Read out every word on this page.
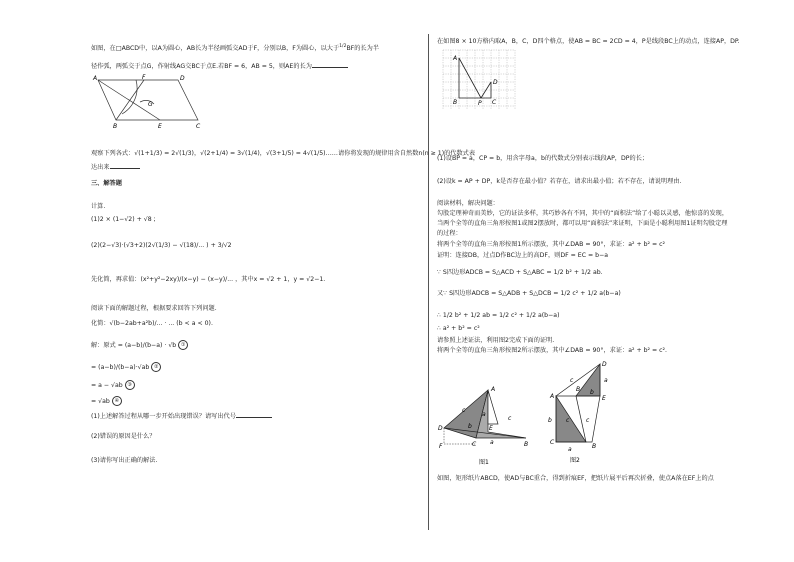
如图，在□ABCD中，以A为圆心，AB长为半径画弧交AD于F，分别以B，F为圆心，以大于$^{1/2}$BF的长为半
径作弧，两弧交于点G，作射线AG交BC于点E.若BF = 6，AB = 5，则AE的长为
A	F	D
G
B	E	C
观察下列各式：√(1+1/3) = 2√(1/3)，√(2+1/4) = 3√(1/4)，√(3+1/5) = 4√(1/5)……请你将发现的规律用含自然数n(n ≥ 1)的代数式表
达出来
三、解答题
计算.
(1)2 × (1−√2) + √8 ;
(2)(2−√3)·(√3+2)(2√(1/3) − √(18)/... ) + 3/√2
先化简，再求值：(x²+y²−2xy)/(x−y) − (x−y)/... ，其中x = √2 + 1，y = √2−1.
阅读下面的解题过程，根据要求回答下列问题.
化简：√(b−2ab+a²b)/... · ... (b < a < 0).
解：原式 = (a−b)/(b−a) · √b ①
= (a−b)/(b−a)·√ab ②
= a − √ab ③
= √ab ④
(1)上述解答过程从哪一步开始出现错误？请写出代号
(2)错误的原因是什么？
(3)请你写出正确的解法.
在如图8 × 10方格内取A，B，C，D四个格点，使AB = BC = 2CD = 4，P是线段BC上的动点，连接AP，DP.
A
B	C
D
P
(1)设BP = a，CP = b，用含字母a，b的代数式分别表示线段AP，DP的长；
(2)设k = AP + DP，k是否存在最小值？若存在，请求出最小值；若不存在，请说明理由.
阅读材料，解决问题：
勾股定理神奇而美妙，它的证法多样，其巧妙各有不同，其中的“面积法”给了小聪以灵感，他惊喜的发现，
当两个全等的直角三角形按图1或图2摆放时，都可以用“面积法”来证明，下面是小聪利用图1证明勾股定理
的过程：
将两个全等的直角三角形按图1所示摆放，其中∠DAB = 90°，求证：a² + b² = c²
证明：连接DB，过点D作BC边上的高DF，则DF = EC = b−a
∵ S四边形ADCB = S△ACD + S△ABC = 1/2 b² + 1/2 ab.
又∵ S四边形ADCB = S△ADB + S△DCB = 1/2 c² + 1/2 a(b−a)
∴ 1/2 b² + 1/2 ab = 1/2 c² + 1/2 a(b−a)
∴ a² + b² = c²
请参照上述证法，利用图2完成下面的证明.
将两个全等的直角三角形按图2所示摆放，其中∠DAB = 90°，求证：a² + b² = c².
A
D	E
C	B
F
c
b
a
c
a
图1
D
A	E
B
C
B
c	a
b
b c	c
a
图2
如图，矩形纸片ABCD，使AD与BC重合，得到折痕EF，把纸片展平后再次折叠，使点A落在EF上的点
